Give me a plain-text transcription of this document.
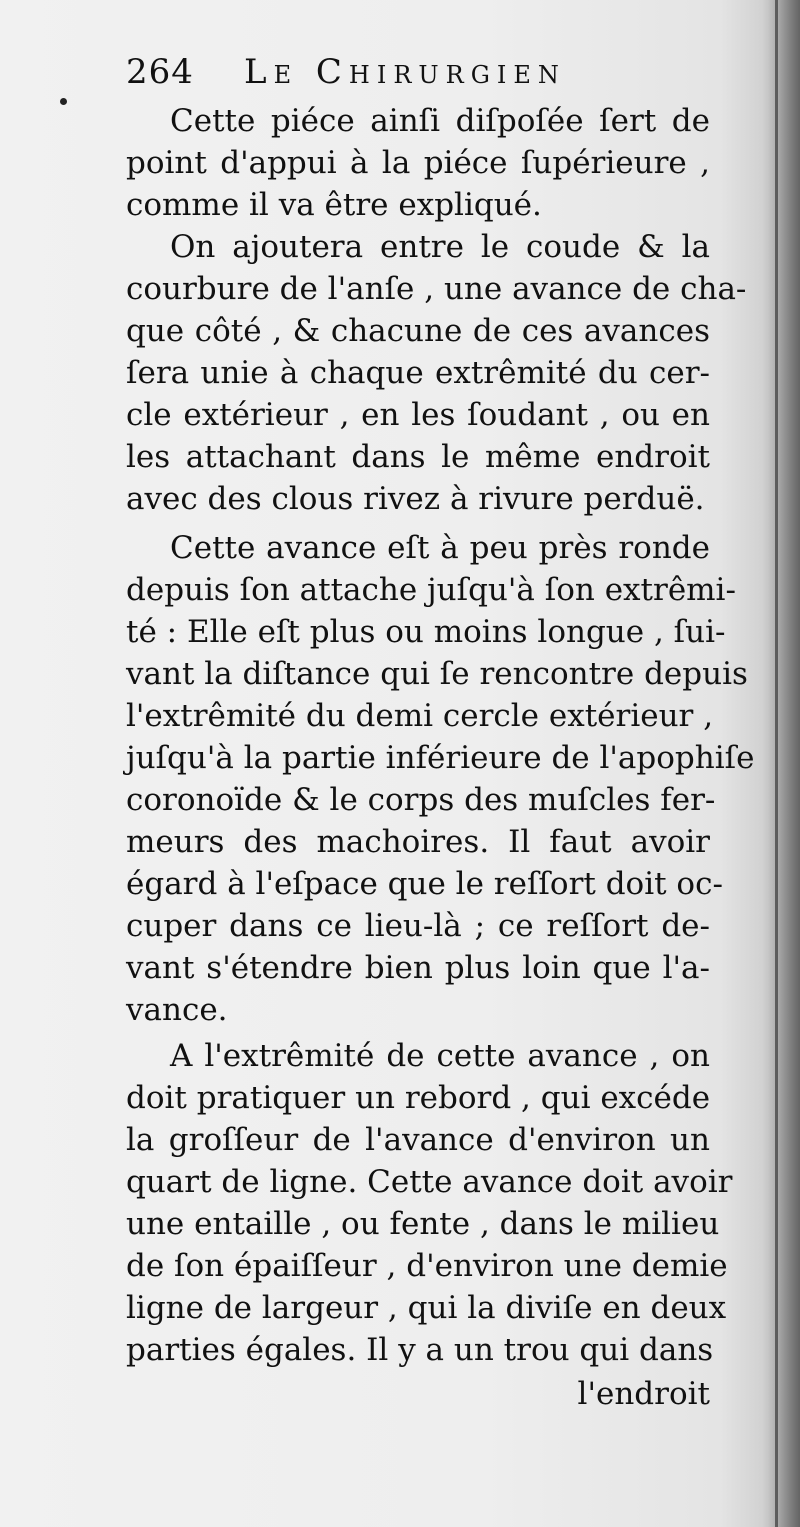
264 Le Chirurgien
Cette piéce ainſi diſpoſée ſert de
point d'appui à la piéce ſupérieure ,
comme il va être expliqué.
On ajoutera entre le coude & la
courbure de l'anſe , une avance de cha-
que côté , & chacune de ces avances
ſera unie à chaque extrêmité du cer-
cle extérieur , en les ſoudant , ou en
les attachant dans le même endroit
avec des clous rivez à rivure perduë.
Cette avance eſt à peu près ronde
depuis ſon attache juſqu'à ſon extrêmi-
té : Elle eſt plus ou moins longue , ſui-
vant la diſtance qui ſe rencontre depuis
l'extrêmité du demi cercle extérieur ,
juſqu'à la partie inférieure de l'apophiſe
coronoïde & le corps des muſcles fer-
meurs des machoires. Il faut avoir
égard à l'eſpace que le reſſort doit oc-
cuper dans ce lieu-là ; ce reſſort de-
vant s'étendre bien plus loin que l'a-
vance.
A l'extrêmité de cette avance , on
doit pratiquer un rebord , qui excéde
la groſſeur de l'avance d'environ un
quart de ligne. Cette avance doit avoir
une entaille , ou fente , dans le milieu
de ſon épaiſſeur , d'environ une demie
ligne de largeur , qui la diviſe en deux
parties égales. Il y a un trou qui dans
l'endroit
